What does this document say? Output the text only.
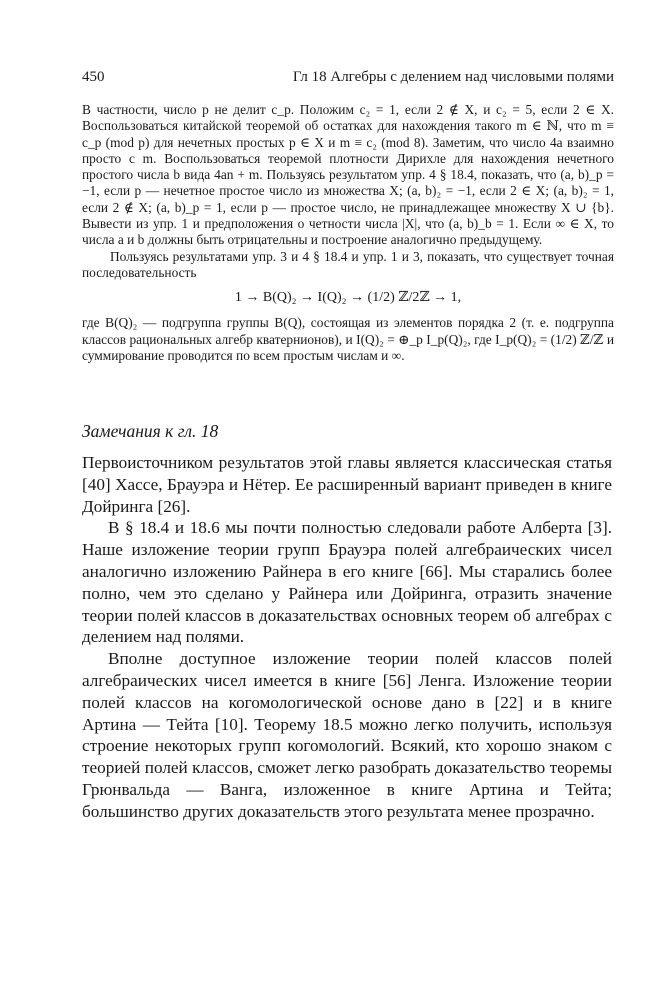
450	Гл 18 Алгебры с делением над числовыми полями

В частности, число p не делит c_p. Положим c₂ = 1, если 2 ∉ X, и c₂ = 5, если 2 ∈ X. Воспользоваться китайской теоремой об остатках для нахождения такого m ∈ ℕ, что m ≡ c_p (mod p) для нечетных простых p ∈ X и m ≡ c₂ (mod 8). Заметим, что число 4a взаимно просто с m. Воспользоваться теоремой плотности Дирихле для нахождения нечетного простого числа b вида 4an + m. Пользуясь результатом упр. 4 § 18.4, показать, что (a, b)_p = −1, если p — нечетное простое число из множества X; (a, b)₂ = −1, если 2 ∈ X; (a, b)₂ = 1, если 2 ∉ X; (a, b)_p = 1, если p — простое число, не принадлежащее множеству X ∪ {b}. Вывести из упр. 1 и предположения о четности числа |X|, что (a, b)_b = 1. Если ∞ ∈ X, то числа a и b должны быть отрицательны и построение аналогично предыдущему.

Пользуясь результатами упр. 3 и 4 § 18.4 и упр. 1 и 3, показать, что существует точная последовательность

1 → B(Q)₂ → I(Q)₂ → (1/2) ℤ/2ℤ → 1,

где B(Q)₂ — подгруппа группы B(Q), состоящая из элементов порядка 2 (т. е. подгруппа классов рациональных алгебр кватернионов), и I(Q)₂ = ⊕_p I_p(Q)₂, где I_p(Q)₂ = (1/2) ℤ/ℤ и суммирование проводится по всем простым числам и ∞.

Замечания к гл. 18

Первоисточником результатов этой главы является классическая статья [40] Хассе, Брауэра и Нётер. Ее расширенный вариант приведен в книге Дойринга [26].

В § 18.4 и 18.6 мы почти полностью следовали работе Алберта [3]. Наше изложение теории групп Брауэра полей алгебраических чисел аналогично изложению Райнера в его книге [66]. Мы старались более полно, чем это сделано у Райнера или Дойринга, отразить значение теории полей классов в доказательствах основных теорем об алгебрах с делением над полями.

Вполне доступное изложение теории полей классов полей алгебраических чисел имеется в книге [56] Ленга. Изложение теории полей классов на когомологической основе дано в [22] и в книге Артина — Тейта [10]. Теорему 18.5 можно легко получить, используя строение некоторых групп когомологий. Всякий, кто хорошо знаком с теорией полей классов, сможет легко разобрать доказательство теоремы Грюнвальда — Ванга, изложенное в книге Артина и Тейта; большинство других доказательств этого результата менее прозрачно.
